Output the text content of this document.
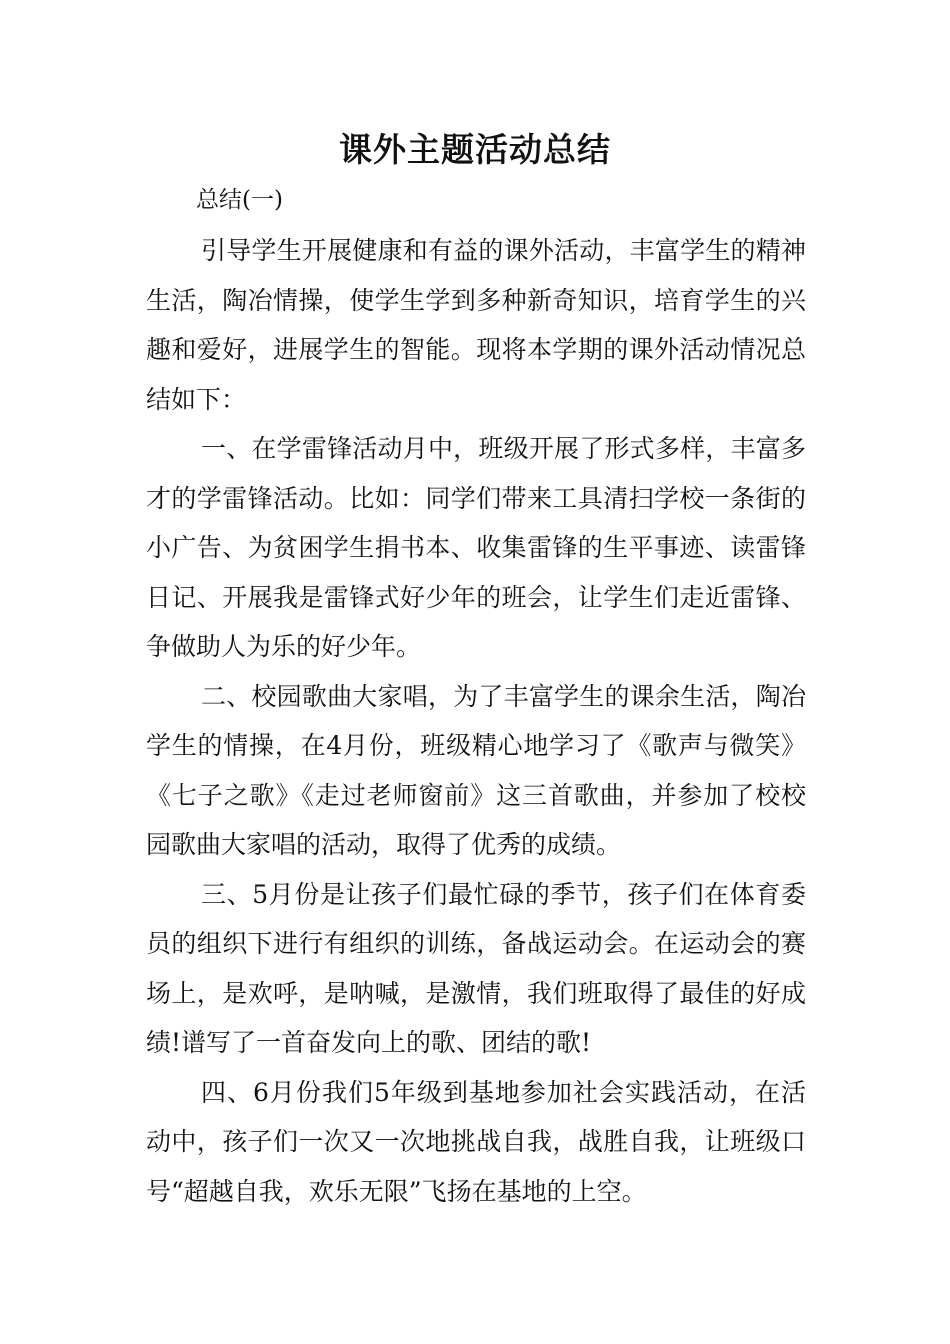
课外主题活动总结

总结(一)

引导学生开展健康和有益的课外活动，丰富学生的精神生活，陶冶情操，使学生学到多种新奇知识，培育学生的兴趣和爱好，进展学生的智能。现将本学期的课外活动情况总结如下：

一、在学雷锋活动月中，班级开展了形式多样，丰富多才的学雷锋活动。比如：同学们带来工具清扫学校一条街的小广告、为贫困学生捐书本、收集雷锋的生平事迹、读雷锋日记、开展我是雷锋式好少年的班会，让学生们走近雷锋、争做助人为乐的好少年。

二、校园歌曲大家唱，为了丰富学生的课余生活，陶冶学生的情操，在4月份，班级精心地学习了《歌声与微笑》《七子之歌》《走过老师窗前》这三首歌曲，并参加了校校园歌曲大家唱的活动，取得了优秀的成绩。

三、5月份是让孩子们最忙碌的季节，孩子们在体育委员的组织下进行有组织的训练，备战运动会。在运动会的赛场上，是欢呼，是呐喊，是激情，我们班取得了最佳的好成绩!谱写了一首奋发向上的歌、团结的歌!

四、6月份我们5年级到基地参加社会实践活动，在活动中，孩子们一次又一次地挑战自我，战胜自我，让班级口号“超越自我，欢乐无限”飞扬在基地的上空。
